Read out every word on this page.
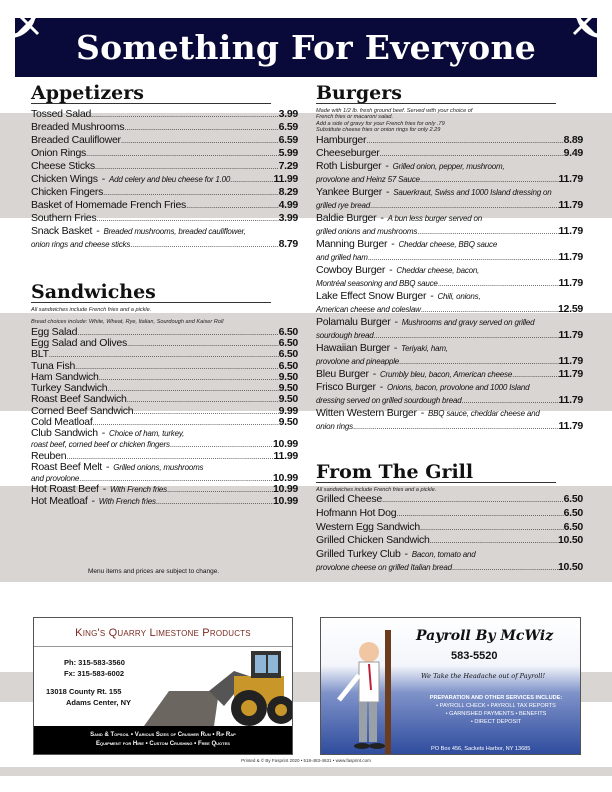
Something For Everyone
Appetizers
Tossed Salad .....	3.99
Breaded Mushrooms .....	6.59
Breaded Cauliflower .....	6.59
Onion Rings .....	5.99
Cheese Sticks .....	7.29
Chicken Wings - Add celery and bleu cheese for 1.00 .....	11.99
Chicken Fingers .....	8.29
Basket of Homemade French Fries .....	4.99
Southern Fries .....	3.99
Snack Basket - Breaded mushrooms, breaded cauliflower,
onion rings and cheese sticks .....	8.79
Sandwiches
All sandwiches include French fries and a pickle.
Bread choices include: White, Wheat, Rye, Italian, Sourdough and Kaiser Roll
Egg Salad .....	6.50
Egg Salad and Olives .....	6.50
BLT .....	6.50
Tuna Fish .....	6.50
Ham Sandwich .....	9.50
Turkey Sandwich .....	9.50
Roast Beef Sandwich .....	9.50
Corned Beef Sandwich .....	9.99
Cold Meatloaf .....	9.50
Club Sandwich - Choice of ham, turkey,
roast beef, corned beef or chicken fingers .....	10.99
Reuben .....	11.99
Roast Beef Melt - Grilled onions, mushrooms
and provolone .....	10.99
Hot Roast Beef - With French fries .....	10.99
Hot Meatloaf - With French fries .....	10.99
Burgers
Made with 1/2 lb. fresh ground beef. Served with your choice of
French fries or macaroni salad.
Add a side of gravy for your French fries for only .79
Substitute cheese fries or onion rings for only 2.29
Hamburger .....	8.89
Cheeseburger .....	9.49
Roth Lisburger - Grilled onion, pepper, mushroom,
provolone and Heinz 57 Sauce .....	11.79
Yankee Burger - Sauerkraut, Swiss and 1000 Island dressing on
grilled rye bread .....	11.79
Baldie Burger - A bun less burger served on
grilled onions and mushrooms .....	11.79
Manning Burger - Cheddar cheese, BBQ sauce
and grilled ham .....	11.79
Cowboy Burger - Cheddar cheese, bacon,
Montréal seasoning and BBQ sauce .....	11.79
Lake Effect Snow Burger - Chili, onions,
American cheese and coleslaw .....	12.59
Polamalu Burger - Mushrooms and gravy served on grilled
sourdough bread .....	11.79
Hawaiian Burger - Teriyaki, ham,
provolone and pineapple .....	11.79
Bleu Burger - Crumbly bleu, bacon, American cheese .....	11.79
Frisco Burger - Onions, bacon, provolone and 1000 Island
dressing served on grilled sourdough bread .....	11.79
Witten Western Burger - BBQ sauce, cheddar cheese and
onion rings .....	11.79
From The Grill
All sandwiches include French fries and a pickle.
Grilled Cheese .....	6.50
Hofmann Hot Dog .....	6.50
Western Egg Sandwich .....	6.50
Grilled Chicken Sandwich .....	10.50
Grilled Turkey Club - Bacon, tomato and
provolone cheese on grilled Italian bread .....	10.50
Menu items and prices are subject to change.
King's Quarry Limestone Products
Ph: 315-583-3560
Fx: 315-583-6002
13018 County Rt. 155
Adams Center, NY
Sand & Topsoil • Various Sizes of Crusher Run • Rip Rap
Equipment for Hire • Custom Crushing • Free Quotes
Payroll By McWiz
583-5520
We Take the Headache out of Payroll!
PREPARATION AND OTHER SERVICES INCLUDE:
• PAYROLL CHECK • PAYROLL TAX REPORTS
• GARNISHED PAYMENTS • BENEFITS
• DIRECT DEPOSIT
PO Box 456, Sackets Harbor, NY 13685
Printed & © By Fasprint 2020 • 518-483-4631 • www.fasprint.com
